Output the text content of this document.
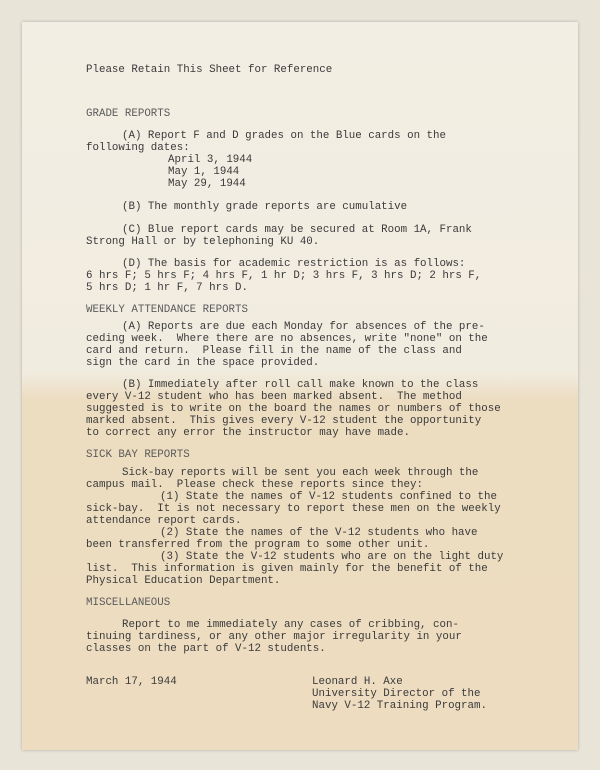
Please Retain This Sheet for Reference
GRADE REPORTS
(A) Report F and D grades on the Blue cards on the
following dates:
April 3, 1944
May 1, 1944
May 29, 1944
(B) The monthly grade reports are cumulative
(C) Blue report cards may be secured at Room 1A, Frank
Strong Hall or by telephoning KU 40.
(D) The basis for academic restriction is as follows:
6 hrs F; 5 hrs F; 4 hrs F, 1 hr D; 3 hrs F, 3 hrs D; 2 hrs F,
5 hrs D; 1 hr F, 7 hrs D.
WEEKLY ATTENDANCE REPORTS
(A) Reports are due each Monday for absences of the pre-
ceding week.  Where there are no absences, write "none" on the
card and return.  Please fill in the name of the class and
sign the card in the space provided.
(B) Immediately after roll call make known to the class
every V-12 student who has been marked absent.  The method
suggested is to write on the board the names or numbers of those
marked absent.  This gives every V-12 student the opportunity
to correct any error the instructor may have made.
SICK BAY REPORTS
Sick-bay reports will be sent you each week through the
campus mail.  Please check these reports since they:
(1) State the names of V-12 students confined to the
sick-bay.  It is not necessary to report these men on the weekly
attendance report cards.
(2) State the names of the V-12 students who have
been transferred from the program to some other unit.
(3) State the V-12 students who are on the light duty
list.  This information is given mainly for the benefit of the
Physical Education Department.
MISCELLANEOUS
Report to me immediately any cases of cribbing, con-
tinuing tardiness, or any other major irregularity in your
classes on the part of V-12 students.
March 17, 1944	Leonard H. Axe
University Director of the
Navy V-12 Training Program.
